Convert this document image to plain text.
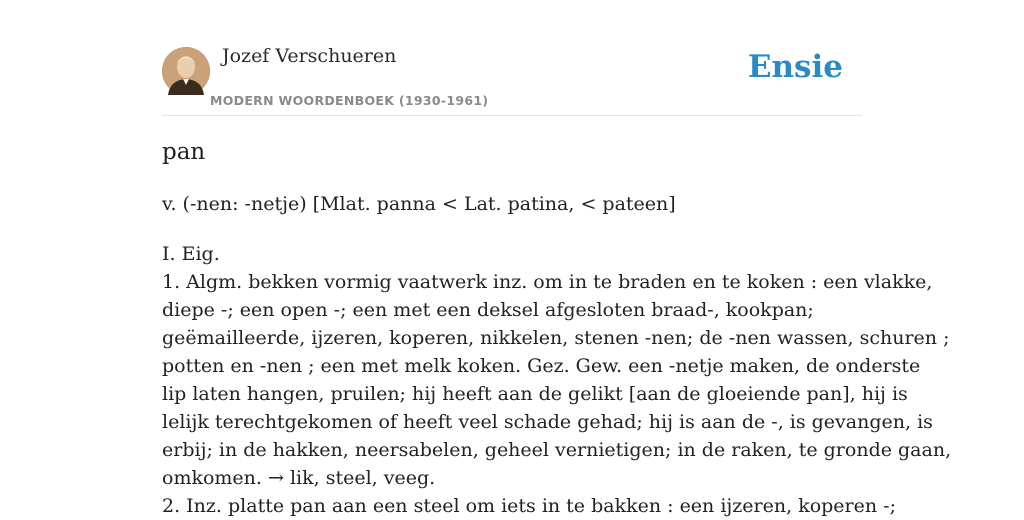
Jozef Verschueren
MODERN WOORDENBOEK (1930-1961)
Ensie
pan
v. (-nen: -netje) [Mlat. panna < Lat. patina, < pateen]
I. Eig.
1. Algm. bekken vormig vaatwerk inz. om in te braden en te koken : een vlakke,
diepe -; een open -; een met een deksel afgesloten braad-, kookpan;
geëmailleerde, ijzeren, koperen, nikkelen, stenen -nen; de -nen wassen, schuren ;
potten en -nen ; een met melk koken. Gez. Gew. een -netje maken, de onderste
lip laten hangen, pruilen; hij heeft aan de gelikt [aan de gloeiende pan], hij is
lelijk terechtgekomen of heeft veel schade gehad; hij is aan de -, is gevangen, is
erbij; in de hakken, neersabelen, geheel vernietigen; in de raken, te gronde gaan,
omkomen. → lik, steel, veeg.
2. Inz. platte pan aan een steel om iets in te bakken : een ijzeren, koperen -;
